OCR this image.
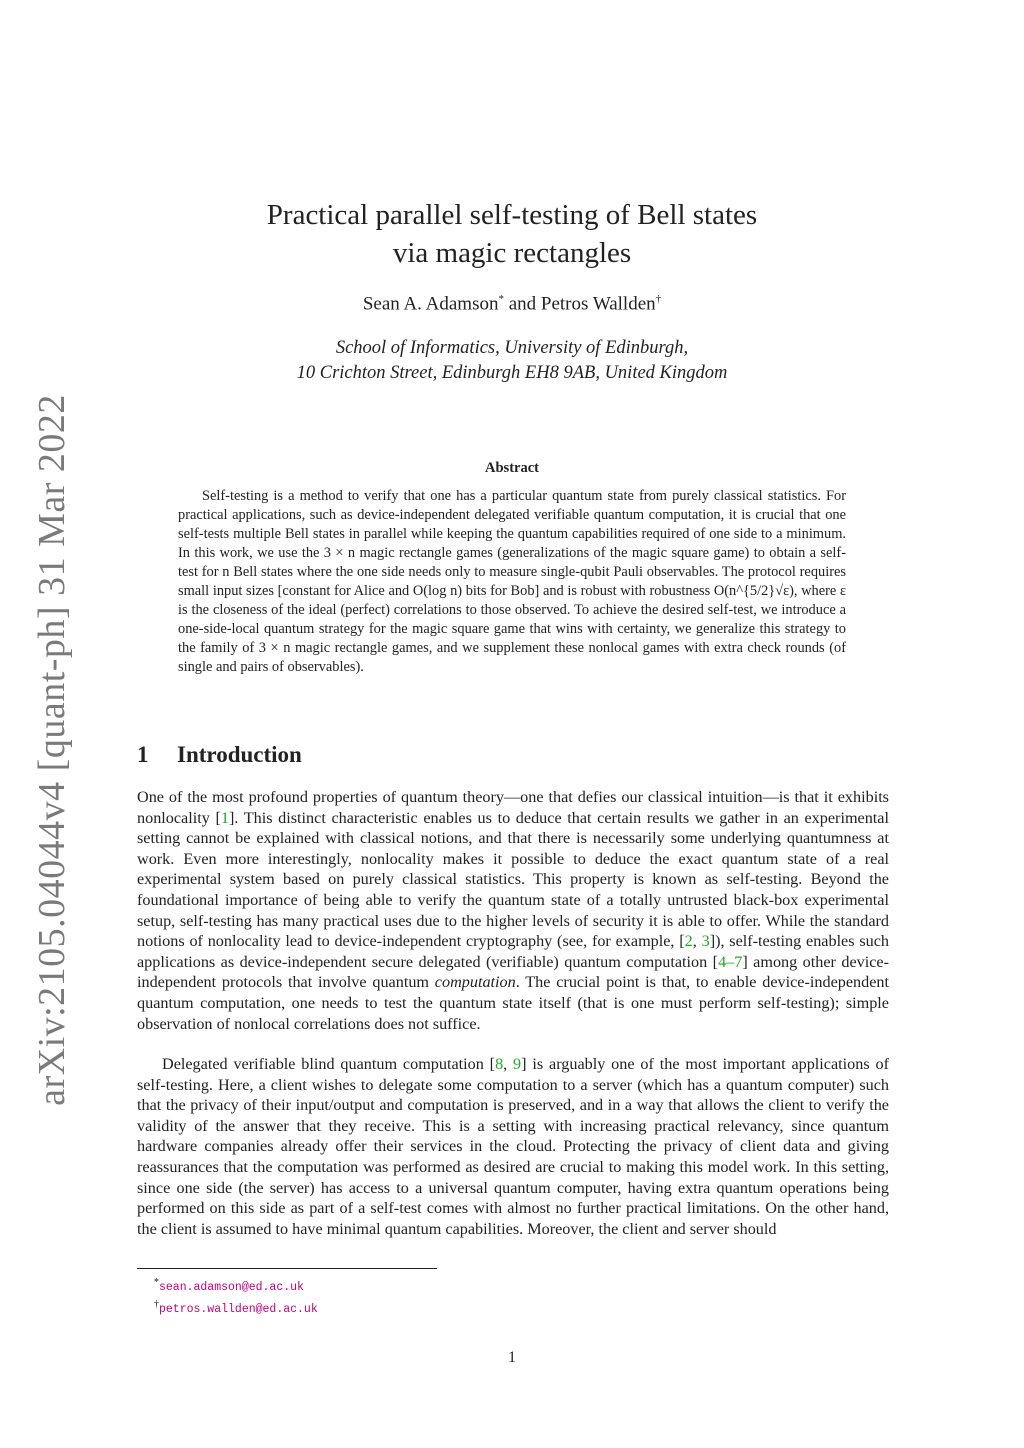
arXiv:2105.04044v4 [quant-ph] 31 Mar 2022
Practical parallel self-testing of Bell states
via magic rectangles
Sean A. Adamson* and Petros Wallden†
School of Informatics, University of Edinburgh,
10 Crichton Street, Edinburgh EH8 9AB, United Kingdom
Abstract
Self-testing is a method to verify that one has a particular quantum state from purely classical statistics. For practical applications, such as device-independent delegated verifiable quantum computation, it is crucial that one self-tests multiple Bell states in parallel while keeping the quantum capabilities required of one side to a minimum. In this work, we use the 3 × n magic rectangle games (generalizations of the magic square game) to obtain a self-test for n Bell states where the one side needs only to measure single-qubit Pauli observables. The protocol requires small input sizes [constant for Alice and O(log n) bits for Bob] and is robust with robustness O(n^{5/2}√ε), where ε is the closeness of the ideal (perfect) correlations to those observed. To achieve the desired self-test, we introduce a one-side-local quantum strategy for the magic square game that wins with certainty, we generalize this strategy to the family of 3 × n magic rectangle games, and we supplement these nonlocal games with extra check rounds (of single and pairs of observables).
1 Introduction
One of the most profound properties of quantum theory—one that defies our classical intuition—is that it exhibits nonlocality [1]. This distinct characteristic enables us to deduce that certain results we gather in an experimental setting cannot be explained with classical notions, and that there is necessarily some underlying quantumness at work. Even more interestingly, nonlocality makes it possible to deduce the exact quantum state of a real experimental system based on purely classical statistics. This property is known as self-testing. Beyond the foundational importance of being able to verify the quantum state of a totally untrusted black-box experimental setup, self-testing has many practical uses due to the higher levels of security it is able to offer. While the standard notions of nonlocality lead to device-independent cryptography (see, for example, [2, 3]), self-testing enables such applications as device-independent secure delegated (verifiable) quantum computation [4–7] among other device-independent protocols that involve quantum computation. The crucial point is that, to enable device-independent quantum computation, one needs to test the quantum state itself (that is one must perform self-testing); simple observation of nonlocal correlations does not suffice.
Delegated verifiable blind quantum computation [8, 9] is arguably one of the most important applications of self-testing. Here, a client wishes to delegate some computation to a server (which has a quantum computer) such that the privacy of their input/output and computation is preserved, and in a way that allows the client to verify the validity of the answer that they receive. This is a setting with increasing practical relevancy, since quantum hardware companies already offer their services in the cloud. Protecting the privacy of client data and giving reassurances that the computation was performed as desired are crucial to making this model work. In this setting, since one side (the server) has access to a universal quantum computer, having extra quantum operations being performed on this side as part of a self-test comes with almost no further practical limitations. On the other hand, the client is assumed to have minimal quantum capabilities. Moreover, the client and server should
*sean.adamson@ed.ac.uk
†petros.wallden@ed.ac.uk
1
